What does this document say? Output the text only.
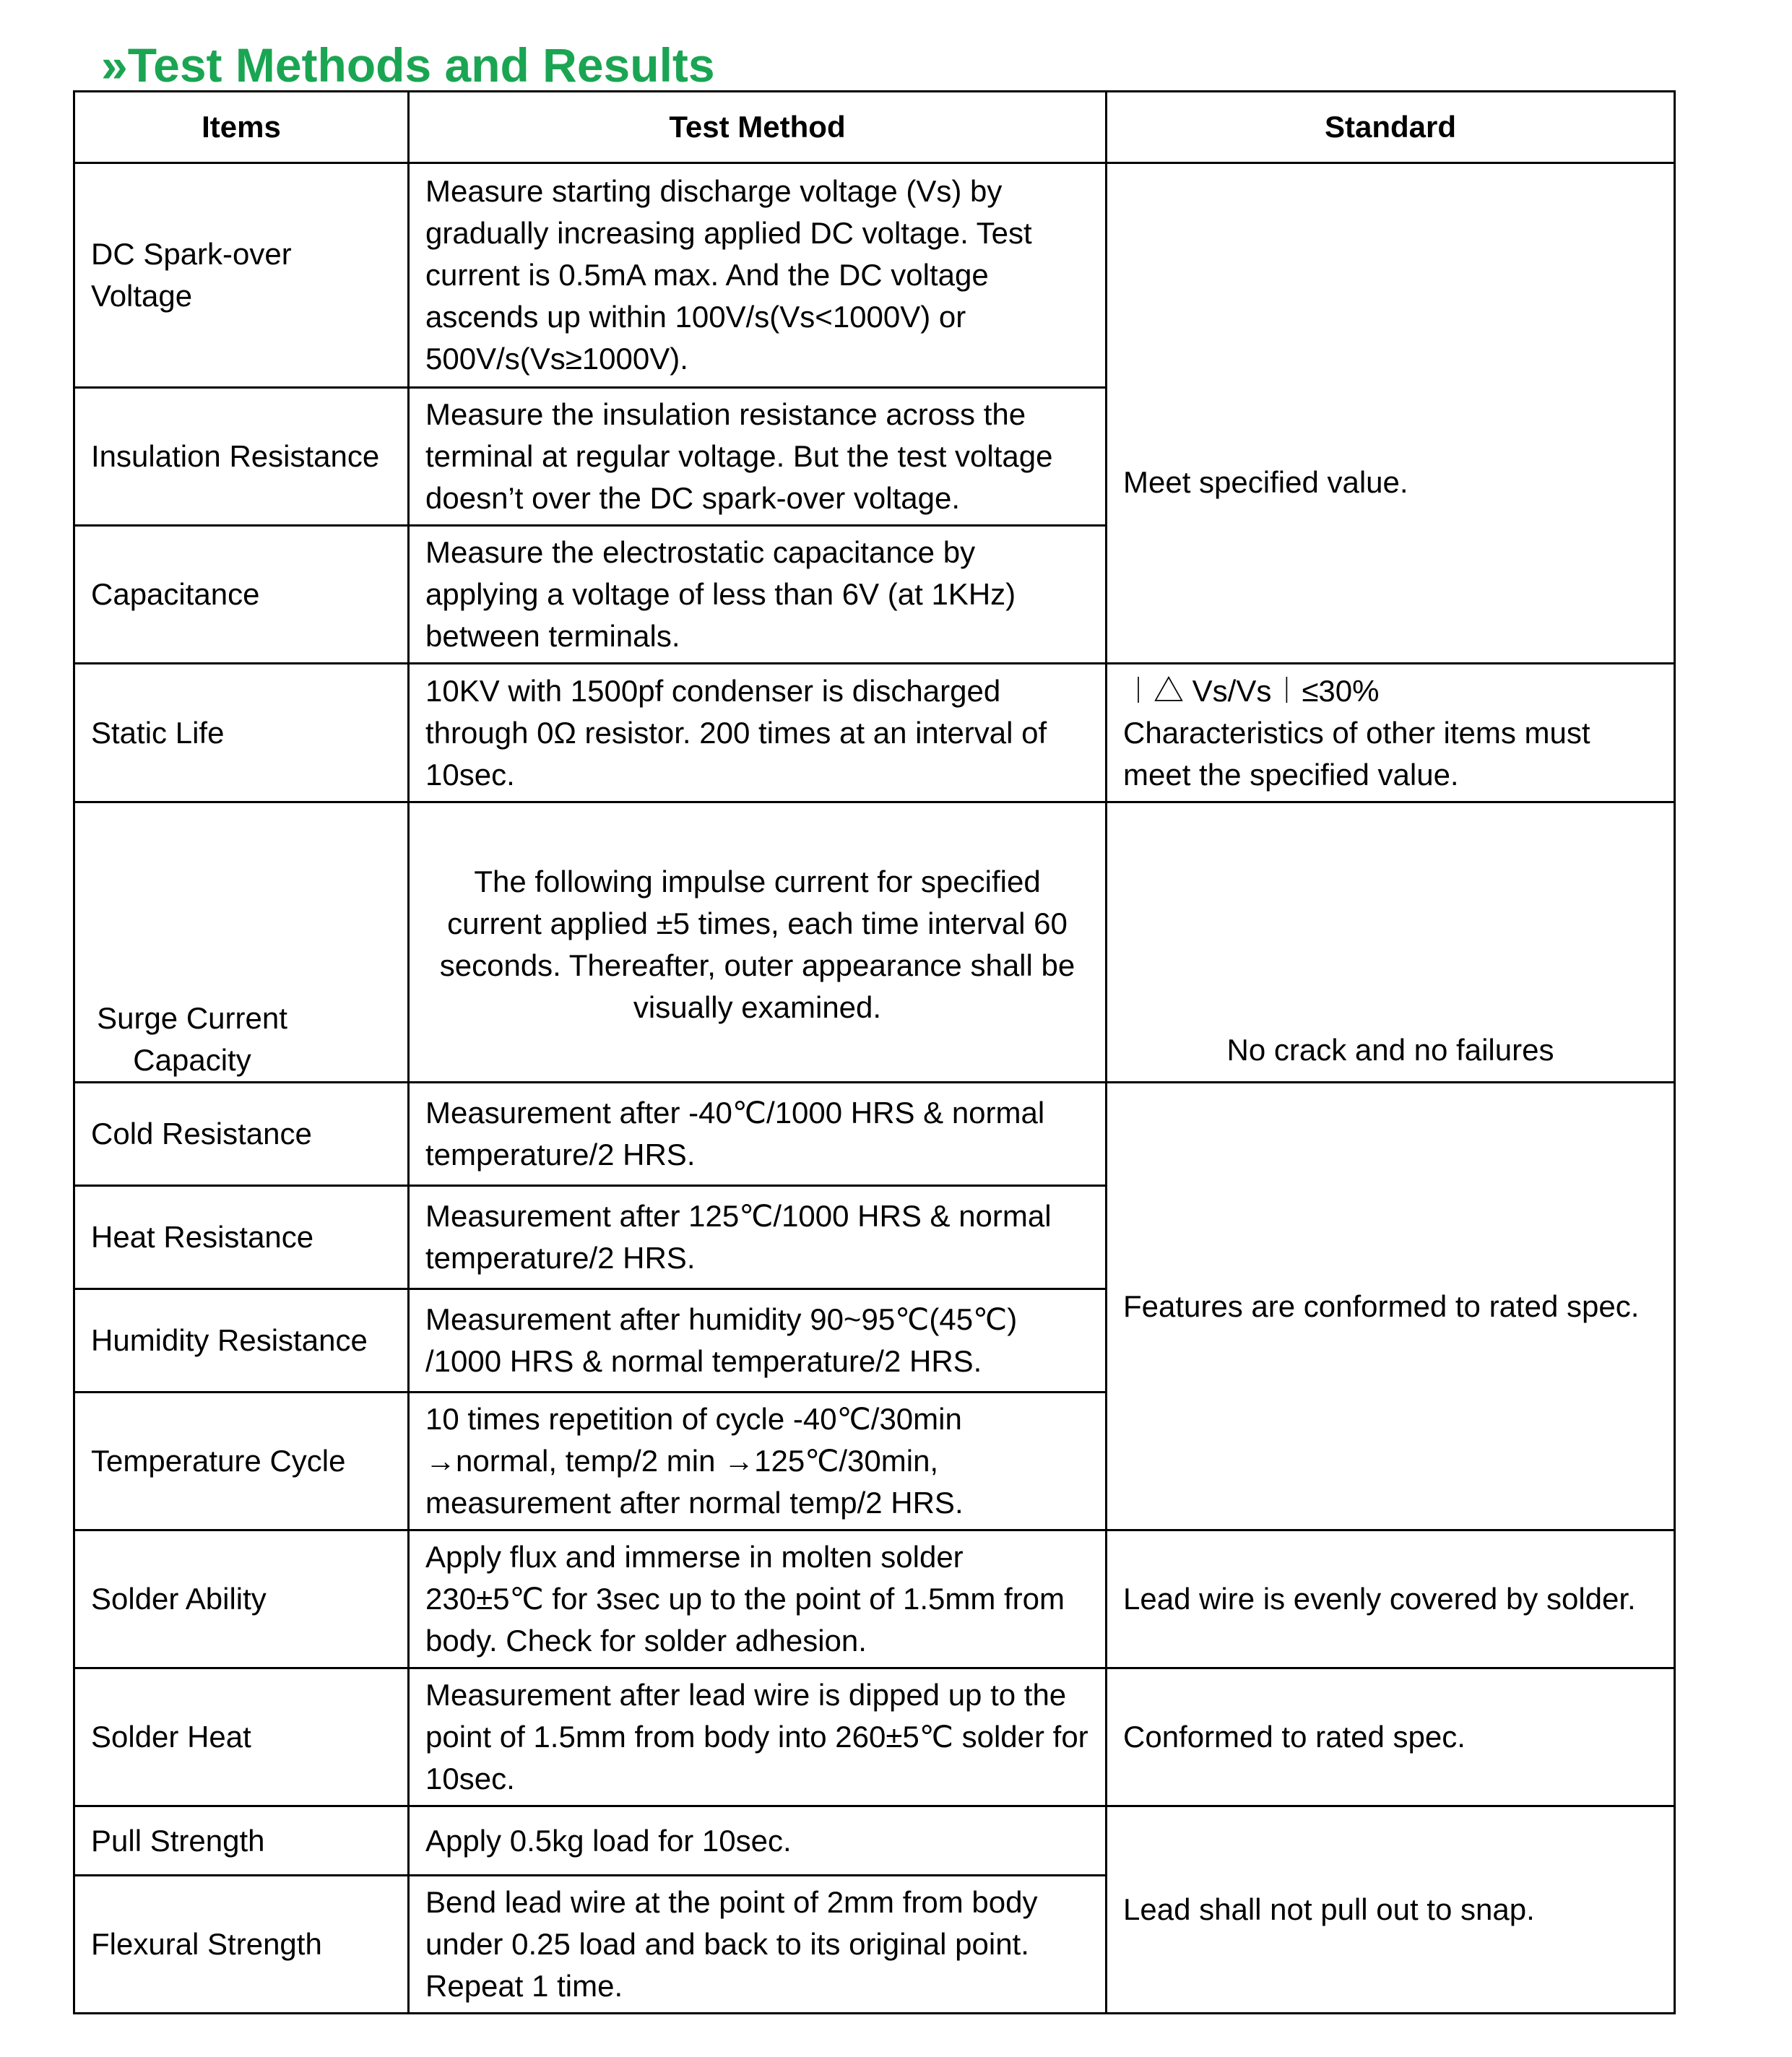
»Test Methods and Results
Items	Test Method	Standard
DC Spark-over Voltage	Measure starting discharge voltage (Vs) by gradually increasing applied DC voltage. Test current is 0.5mA max. And the DC voltage ascends up within 100V/s(Vs<1000V) or 500V/s(Vs≥1000V).	Meet specified value.
Insulation Resistance	Measure the insulation resistance across the terminal at regular voltage. But the test voltage doesn’t over the DC spark-over voltage.	
Capacitance	Measure the electrostatic capacitance by applying a voltage of less than 6V (at 1KHz) between terminals.	
Static Life	10KV with 1500pf condenser is discharged through 0Ω resistor. 200 times at an interval of 10sec.	︱△ Vs/Vs︱≤30%
Characteristics of other items must meet the specified value.

Surge Current Capacity	The following impulse current for specified current applied ±5 times, each time interval 60 seconds. Thereafter, outer appearance shall be visually examined.	No crack and no failures
Cold Resistance	Measurement after -40℃/1000 HRS & normal temperature/2 HRS.	Features are conformed to rated spec.
Heat Resistance	Measurement after 125℃/1000 HRS & normal temperature/2 HRS.	
Humidity Resistance	Measurement after humidity 90~95℃(45℃) /1000 HRS & normal temperature/2 HRS.	
Temperature Cycle	10 times repetition of cycle -40℃/30min →normal, temp/2 min →125℃/30min, measurement after normal temp/2 HRS.	
Solder Ability	Apply flux and immerse in molten solder 230±5℃ for 3sec up to the point of 1.5mm from body. Check for solder adhesion.	Lead wire is evenly covered by solder.
Solder Heat	Measurement after lead wire is dipped up to the point of 1.5mm from body into 260±5℃ solder for 10sec.	Conformed to rated spec.
Pull Strength	Apply 0.5kg load for 10sec.	Lead shall not pull out to snap.
Flexural Strength	Bend lead wire at the point of 2mm from body under 0.25 load and back to its original point. Repeat 1 time.	
